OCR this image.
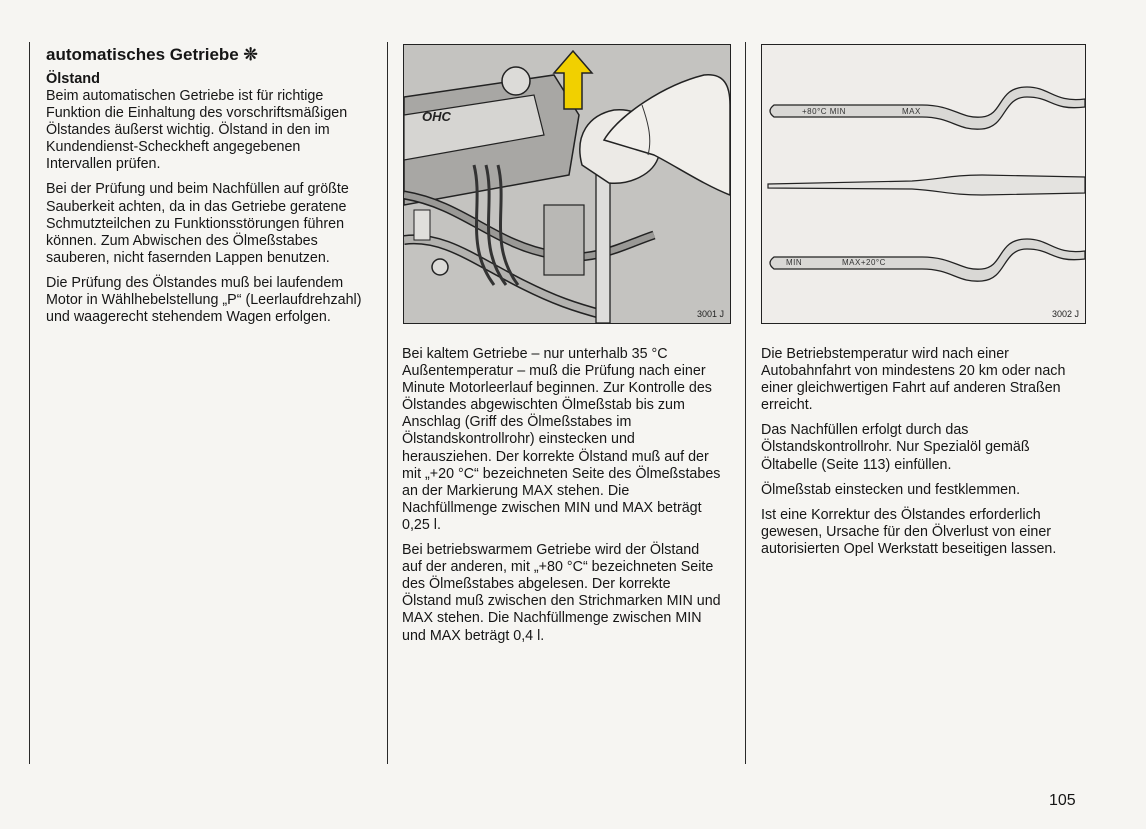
automatisches Getriebe ❊
Ölstand

Beim automatischen Getriebe ist für richtige Funktion die Einhaltung des vorschriftsmäßigen Ölstandes äußerst wichtig. Ölstand in den im Kundendienst-Scheckheft angegebenen Intervallen prüfen.

Bei der Prüfung und beim Nachfüllen auf größte Sauberkeit achten, da in das Getriebe geratene Schmutzteilchen zu Funktionsstörungen führen können. Zum Abwischen des Ölmeßstabes sauberen, nicht fasernden Lappen benutzen.

Die Prüfung des Ölstandes muß bei laufendem Motor in Wählhebelstellung „P“ (Leerlaufdrehzahl) und waagerecht stehendem Wagen erfolgen.

OHC
3001 J

Bei kaltem Getriebe – nur unterhalb 35 °C Außentemperatur – muß die Prüfung nach einer Minute Motorleerlauf beginnen. Zur Kontrolle des Ölstandes abgewischten Ölmeßstab bis zum Anschlag (Griff des Ölmeßstabes im Ölstandskontrollrohr) einstecken und herausziehen. Der korrekte Ölstand muß auf der mit „+20 °C“ bezeichneten Seite des Ölmeßstabes an der Markierung MAX stehen. Die Nachfüllmenge zwischen MIN und MAX beträgt 0,25 l.

Bei betriebswarmem Getriebe wird der Ölstand auf der anderen, mit „+80 °C“ bezeichneten Seite des Ölmeßstabes abgelesen. Der korrekte Ölstand muß zwischen den Strichmarken MIN und MAX stehen. Die Nachfüllmenge zwischen MIN und MAX beträgt 0,4 l.

+80°C MIN	MAX
MIN	MAX+20°C
3002 J

Die Betriebstemperatur wird nach einer Autobahnfahrt von mindestens 20 km oder nach einer gleichwertigen Fahrt auf anderen Straßen erreicht.

Das Nachfüllen erfolgt durch das Ölstandskontrollrohr. Nur Spezialöl gemäß Öltabelle (Seite 113) einfüllen.

Ölmeßstab einstecken und festklemmen.

Ist eine Korrektur des Ölstandes erforderlich gewesen, Ursache für den Ölverlust von einer autorisierten Opel Werkstatt beseitigen lassen.

105
